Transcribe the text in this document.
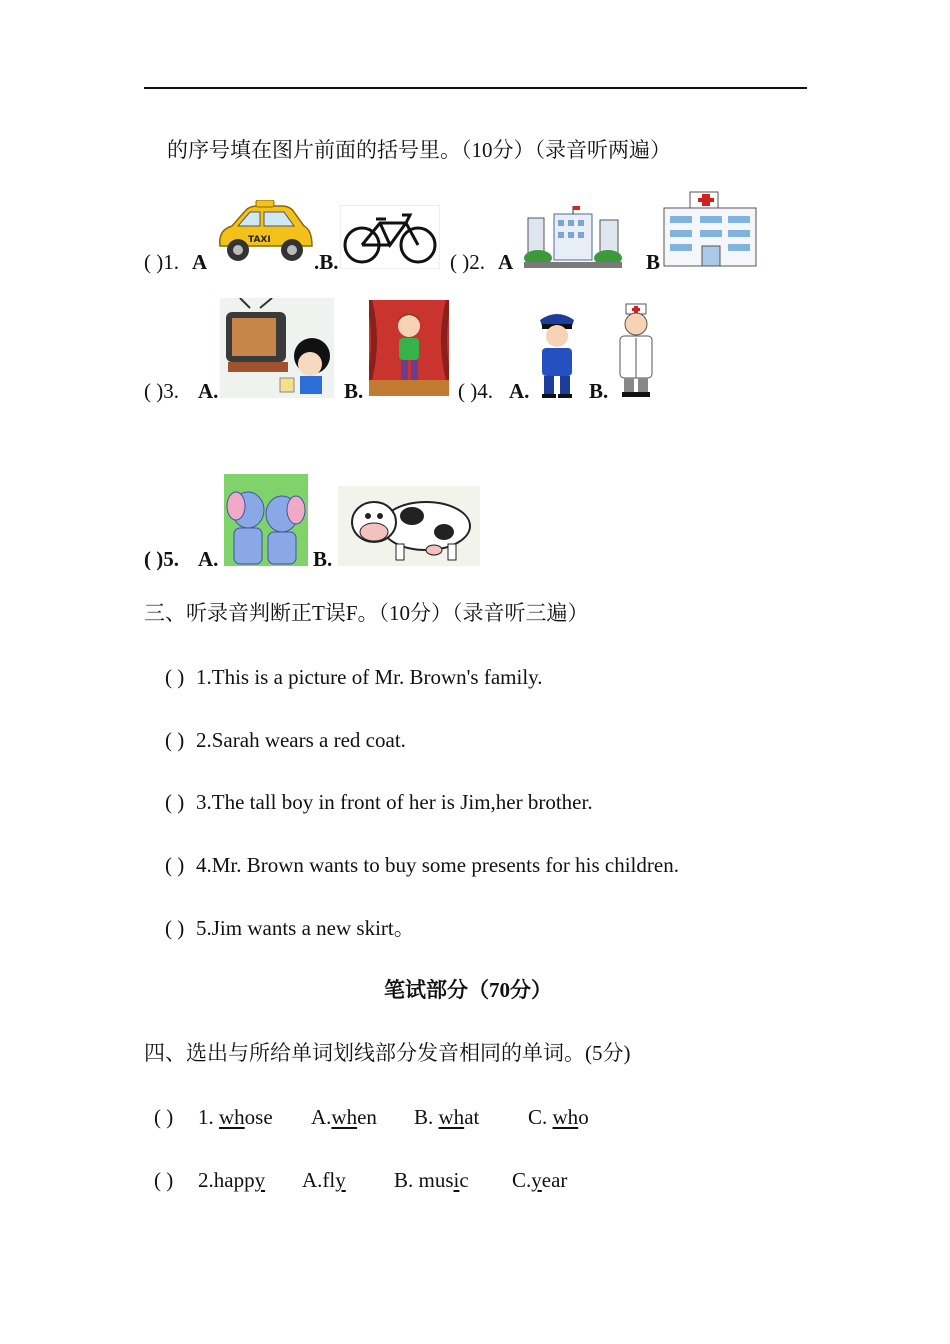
的序号填在图片前面的括号里。（10分）（录音听两遍）
( )1. A
TAXI
.B.	( )2. A	B
( )3. A.	B.	( )4. A.	B.
( )5. A.	B.
三、听录音判断正T误F。（10分）（录音听三遍）
( ) 1.This is a picture of Mr. Brown's family.
( ) 2.Sarah wears a red coat.
( ) 3.The tall boy in front of her is Jim,her brother.
( ) 4.Mr. Brown wants to buy some presents for his children.
( ) 5.Jim wants a new skirt。
笔试部分（70分）
四、选出与所给单词划线部分发音相同的单词。(5分)
( ) 1. whose A.when B. what C. who
( ) 2.happy A.fly B. music C.year
